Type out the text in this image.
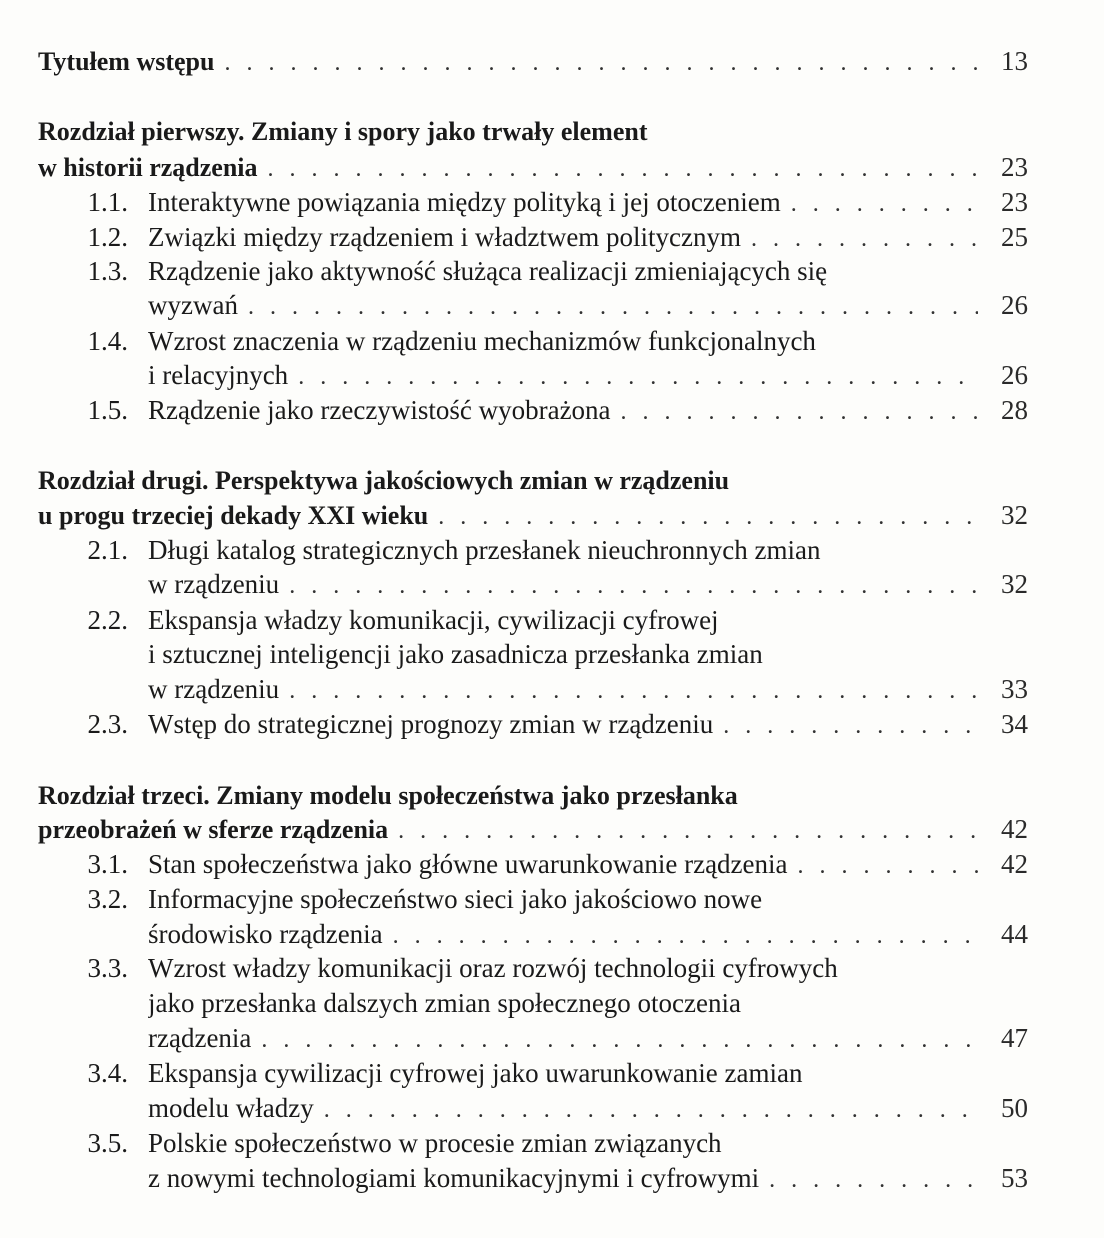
Tytułem wstępu . . .	13
Rozdział pierwszy. Zmiany i spory jako trwały element
w historii rządzenia . . .	23
1.1. Interaktywne powiązania między polityką i jej otoczeniem . . .	23
1.2. Związki między rządzeniem i władztwem politycznym . . .	25
1.3. Rządzenie jako aktywność służąca realizacji zmieniających się
wyzwań . . .	26
1.4. Wzrost znaczenia w rządzeniu mechanizmów funkcjonalnych
i relacyjnych . . .	26
1.5. Rządzenie jako rzeczywistość wyobrażona . . .	28
Rozdział drugi. Perspektywa jakościowych zmian w rządzeniu
u progu trzeciej dekady XXI wieku . . .	32
2.1. Długi katalog strategicznych przesłanek nieuchronnych zmian
w rządzeniu . . .	32
2.2. Ekspansja władzy komunikacji, cywilizacji cyfrowej
i sztucznej inteligencji jako zasadnicza przesłanka zmian
w rządzeniu . . .	33
2.3. Wstęp do strategicznej prognozy zmian w rządzeniu . . .	34
Rozdział trzeci. Zmiany modelu społeczeństwa jako przesłanka
przeobrażeń w sferze rządzenia . . .	42
3.1. Stan społeczeństwa jako główne uwarunkowanie rządzenia . . .	42
3.2. Informacyjne społeczeństwo sieci jako jakościowo nowe
środowisko rządzenia . . .	44
3.3. Wzrost władzy komunikacji oraz rozwój technologii cyfrowych
jako przesłanka dalszych zmian społecznego otoczenia
rządzenia . . .	47
3.4. Ekspansja cywilizacji cyfrowej jako uwarunkowanie zamian
modelu władzy . . .	50
3.5. Polskie społeczeństwo w procesie zmian związanych
z nowymi technologiami komunikacyjnymi i cyfrowymi . . .	53
